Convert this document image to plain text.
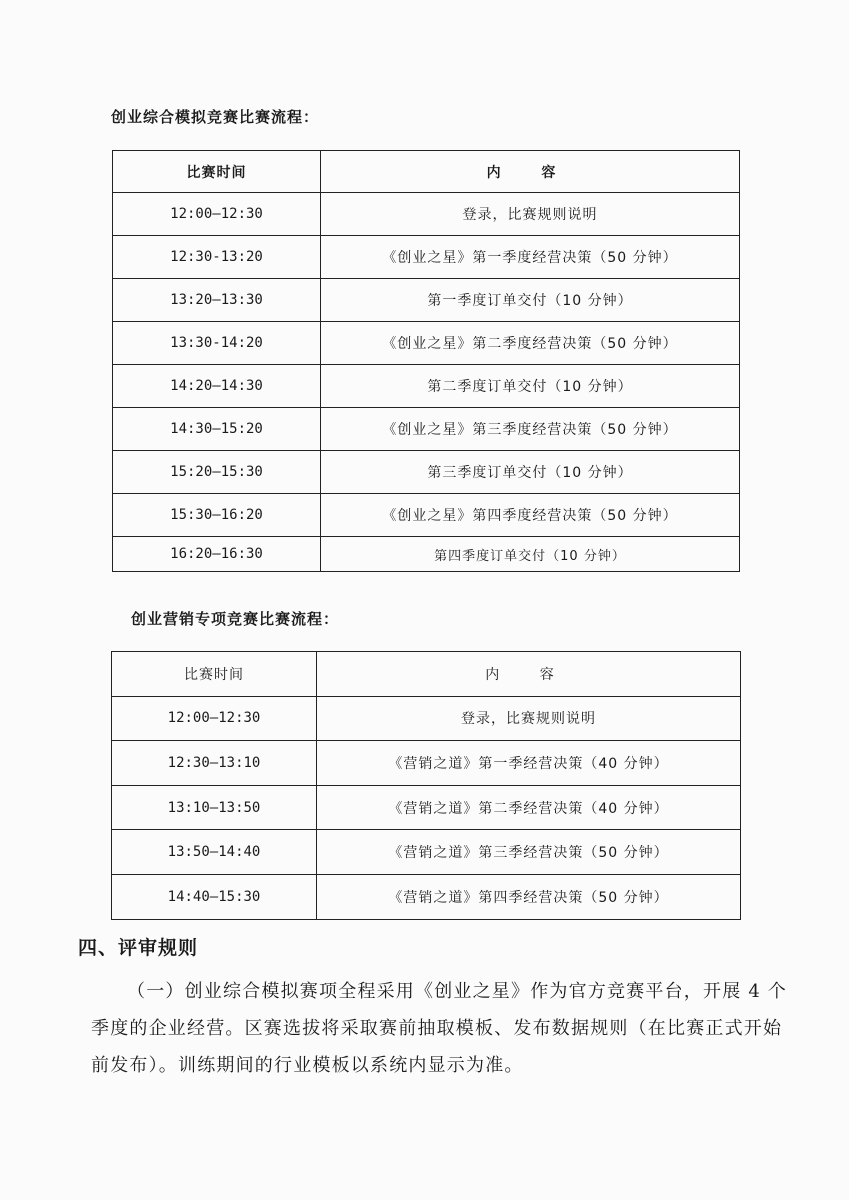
创业综合模拟竞赛比赛流程：
比赛时间	内 容
12:00—12:30	登录，比赛规则说明
12:30-13:20	《创业之星》第一季度经营决策（50 分钟）
13:20—13:30	第一季度订单交付（10 分钟）
13:30-14:20	《创业之星》第二季度经营决策（50 分钟）
14:20—14:30	第二季度订单交付（10 分钟）
14:30—15:20	《创业之星》第三季度经营决策（50 分钟）
15:20—15:30	第三季度订单交付（10 分钟）
15:30—16:20	《创业之星》第四季度经营决策（50 分钟）
16:20—16:30	第四季度订单交付（10 分钟）
创业营销专项竞赛比赛流程：
比赛时间	内 容
12:00—12:30	登录，比赛规则说明
12:30—13:10	《营销之道》第一季经营决策（40 分钟）
13:10—13:50	《营销之道》第二季经营决策（40 分钟）
13:50—14:40	《营销之道》第三季经营决策（50 分钟）
14:40—15:30	《营销之道》第四季经营决策（50 分钟）
四、评审规则
（一）创业综合模拟赛项全程采用《创业之星》作为官方竞赛平台，开展 4 个季度的企业经营。区赛选拔将采取赛前抽取模板、发布数据规则（在比赛正式开始前发布）。训练期间的行业模板以系统内显示为准。
